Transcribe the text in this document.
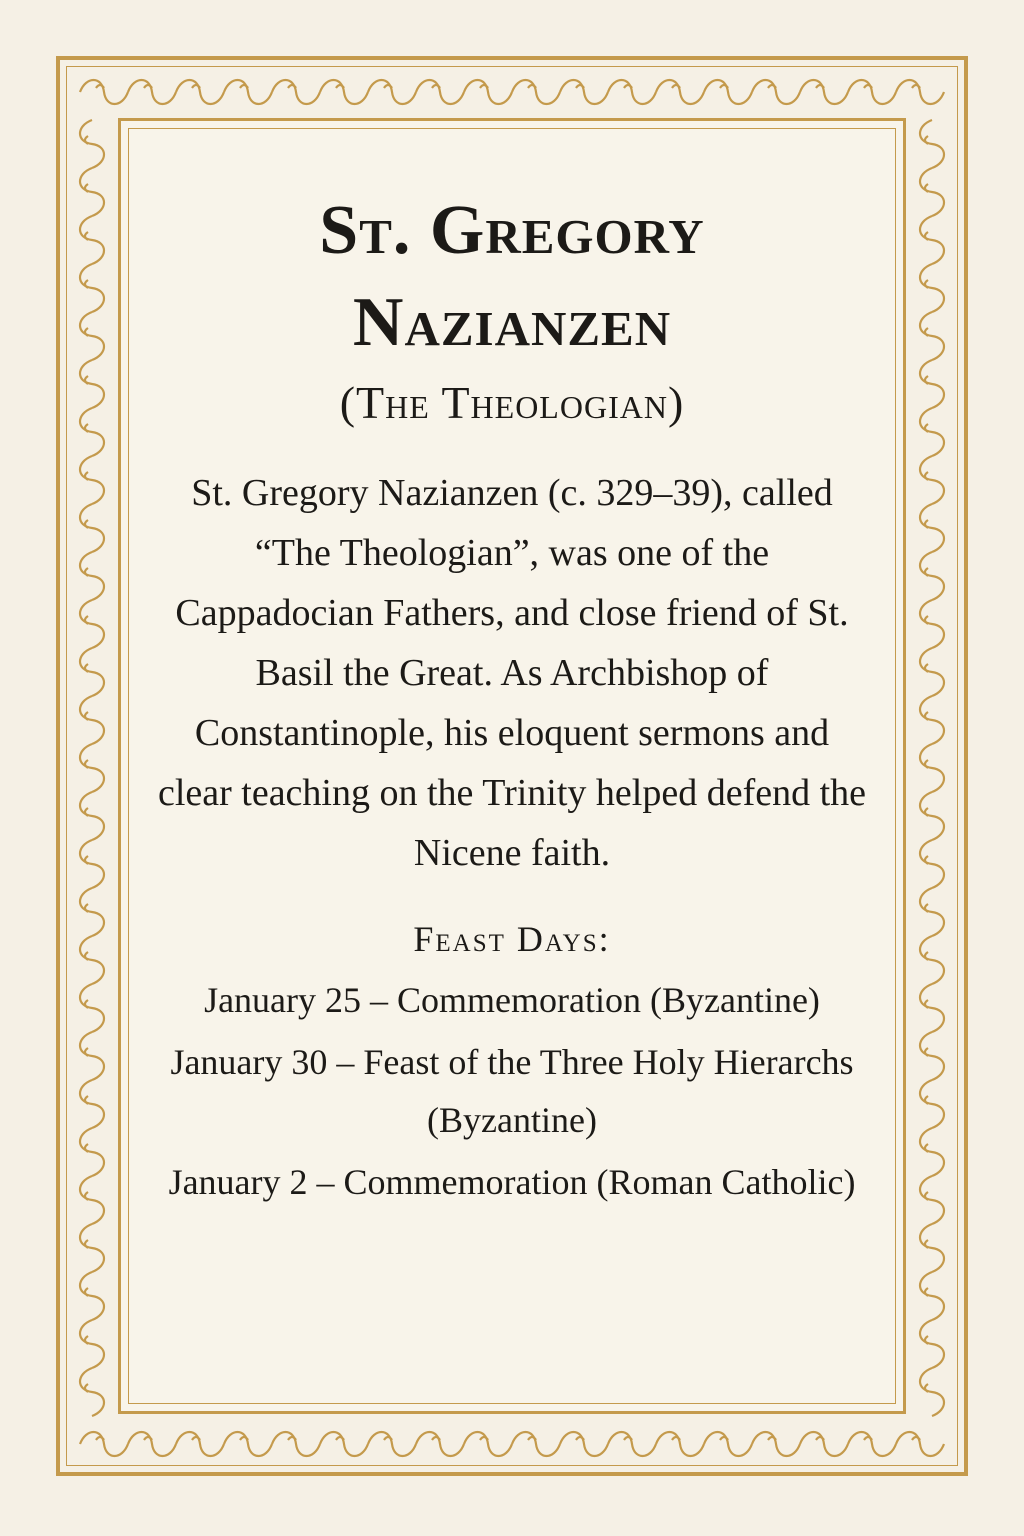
St. Gregory
Nazianzen
(The Theologian)

St. Gregory Nazianzen (c. 329–39), called “The Theologian”, was one of the Cappadocian Fathers, and close friend of St. Basil the Great. As Archbishop of Constantinople, his eloquent sermons and clear teaching on the Trinity helped defend the Nicene faith.

Feast Days:
January 25 – Commemoration (Byzantine)
January 30 – Feast of the Three Holy Hierarchs (Byzantine)
January 2 – Commemoration (Roman Catholic)
